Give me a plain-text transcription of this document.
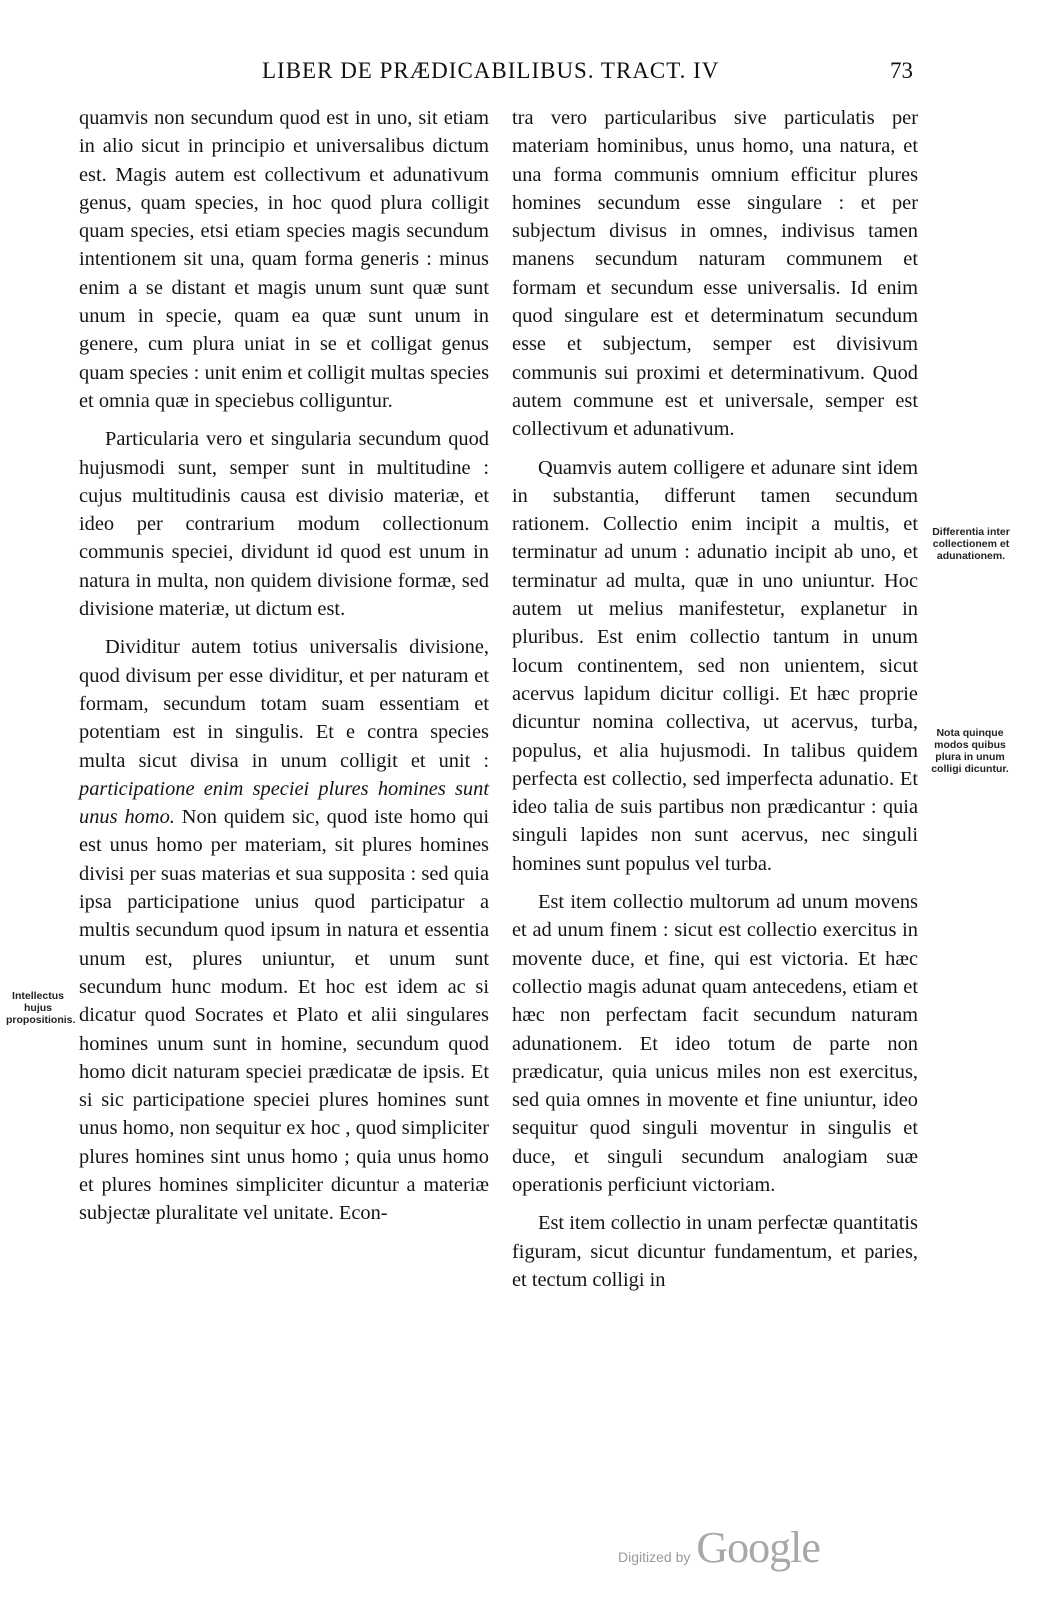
LIBER DE PRÆDICABILIBUS. TRACT. IV	73

quamvis non secundum quod est in uno, sit etiam in alio sicut in principio et universalibus dictum est. Magis autem est collectivum et adunativum genus, quam species, in hoc quod plura colligit quam species, etsi etiam species magis secundum intentionem sit una, quam forma generis : minus enim a se distant et magis unum sunt quæ sunt unum in specie, quam ea quæ sunt unum in genere, cum plura uniat in se et colligat genus quam species : unit enim et colligit multas species et omnia quæ in speciebus colliguntur.

Particularia vero et singularia secundum quod hujusmodi sunt, semper sunt in multitudine : cujus multitudinis causa est divisio materiæ, et ideo per contrarium modum collectionum communis speciei, dividunt id quod est unum in natura in multa, non quidem divisione formæ, sed divisione materiæ, ut dictum est.

Dividitur autem totius universalis divisione, quod divisum per esse dividitur, et per naturam et formam, secundum totam suam essentiam et potentiam est in singulis. Et e contra species multa sicut divisa in unum colligit et unit : participatione enim speciei plures homines sunt unus homo. Non quidem sic, quod iste homo qui est unus homo per materiam, sit plures homines divisi per suas materias et sua supposita : sed quia ipsa participatione unius quod participatur a multis secundum quod ipsum in natura et essentia unum est, plures uniuntur, et unum sunt secundum hunc modum. Et hoc est idem ac si dicatur quod Socrates et Plato et alii singulares homines unum sunt in homine, secundum quod homo dicit naturam speciei prædicatæ de ipsis. Et si sic participatione speciei plures homines sunt unus homo, non sequitur ex hoc , quod simpliciter plures homines sint unus homo ; quia unus homo et plures homines simpliciter dicuntur a materiæ subjectæ pluralitate vel unitate. Econ-

tra vero particularibus sive particulatis per materiam hominibus, unus homo, una natura, et una forma communis omnium efficitur plures homines secundum esse singulare : et per subjectum divisus in omnes, indivisus tamen manens secundum naturam communem et formam et secundum esse universalis. Id enim quod singulare est et determinatum secundum esse et subjectum, semper est divisivum communis sui proximi et determinativum. Quod autem commune est et universale, semper est collectivum et adunativum.

Quamvis autem colligere et adunare sint idem in substantia, differunt tamen secundum rationem. Collectio enim incipit a multis, et terminatur ad unum : adunatio incipit ab uno, et terminatur ad multa, quæ in uno uniuntur. Hoc autem ut melius manifestetur, explanetur in pluribus. Est enim collectio tantum in unum locum continentem, sed non unientem, sicut acervus lapidum dicitur colligi. Et hæc proprie dicuntur nomina collectiva, ut acervus, turba, populus, et alia hujusmodi. In talibus quidem perfecta est collectio, sed imperfecta adunatio. Et ideo talia de suis partibus non prædicantur : quia singuli lapides non sunt acervus, nec singuli homines sunt populus vel turba.

Est item collectio multorum ad unum movens et ad unum finem : sicut est collectio exercitus in movente duce, et fine, qui est victoria. Et hæc collectio magis adunat quam antecedens, etiam et hæc non perfectam facit secundum naturam adunationem. Et ideo totum de parte non prædicatur, quia unicus miles non est exercitus, sed quia omnes in movente et fine uniuntur, ideo sequitur quod singuli moventur in singulis et duce, et singuli secundum analogiam suæ operationis perficiunt victoriam.

Est item collectio in unam perfectæ quantitatis figuram, sicut dicuntur fundamentum, et paries, et tectum colligi in

Intellectus hujus propositionis.
Differentia inter collectionem et adunationem.
Nota quinque modos quibus plura in unum colligi dicuntur.
Digitized by Google
